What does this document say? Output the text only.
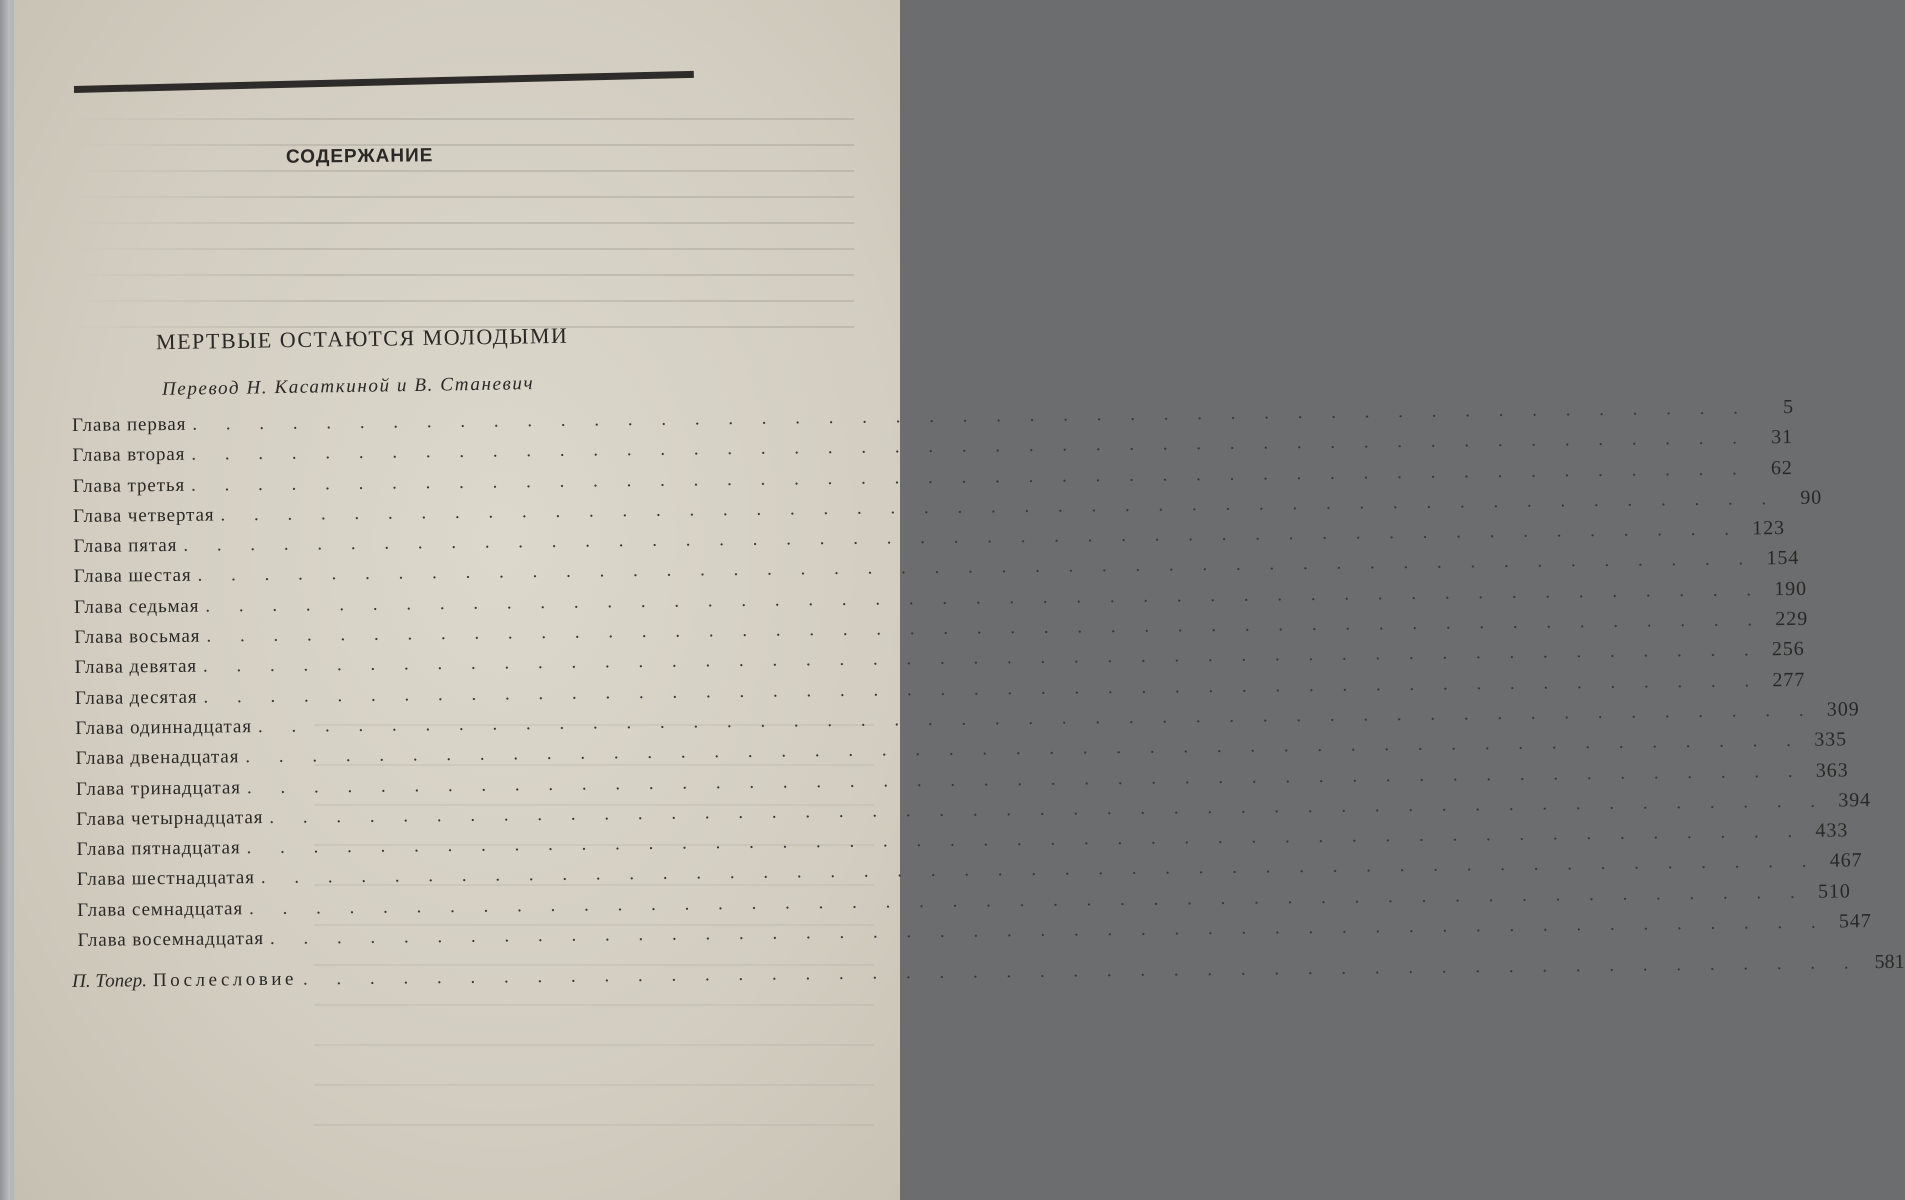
СОДЕРЖАНИЕ
МЕРТВЫЕ ОСТАЮТСЯ МОЛОДЫМИ
Перевод Н. Касаткиной и В. Станевич
Глава первая . . . . . . . . . . . . . . . . . . . . . . . . . . . . . . . . . . . . . . . . . . . . . . .	5
Глава вторая . . . . . . . . . . . . . . . . . . . . . . . . . . . . . . . . . . . . . . . . . . . . . . .	31
Глава третья . . . . . . . . . . . . . . . . . . . . . . . . . . . . . . . . . . . . . . . . . . . . . . .	62
Глава четвертая . . . . . . . . . . . . . . . . . . . . . . . . . . . . . . . . . . . . . . . . . . . . . . .	90
Глава пятая . . . . . . . . . . . . . . . . . . . . . . . . . . . . . . . . . . . . . . . . . . . . . . . 123
Глава шестая . . . . . . . . . . . . . . . . . . . . . . . . . . . . . . . . . . . . . . . . . . . . . . . 154
Глава седьмая . . . . . . . . . . . . . . . . . . . . . . . . . . . . . . . . . . . . . . . . . . . . . . . 190
Глава восьмая . . . . . . . . . . . . . . . . . . . . . . . . . . . . . . . . . . . . . . . . . . . . . . . 229
Глава девятая . . . . . . . . . . . . . . . . . . . . . . . . . . . . . . . . . . . . . . . . . . . . . . . 256
Глава десятая . . . . . . . . . . . . . . . . . . . . . . . . . . . . . . . . . . . . . . . . . . . . . . . 277
Глава одиннадцатая . . . . . . . . . . . . . . . . . . . . . . . . . . . . . . . . . . . . . . . . . . . . . . . 309
Глава двенадцатая . . . . . . . . . . . . . . . . . . . . . . . . . . . . . . . . . . . . . . . . . . . . . . . 335
Глава тринадцатая . . . . . . . . . . . . . . . . . . . . . . . . . . . . . . . . . . . . . . . . . . . . . . . 363
Глава четырнадцатая . . . . . . . . . . . . . . . . . . . . . . . . . . . . . . . . . . . . . . . . . . . . . . . 394
Глава пятнадцатая . . . . . . . . . . . . . . . . . . . . . . . . . . . . . . . . . . . . . . . . . . . . . . . 433
Глава шестнадцатая . . . . . . . . . . . . . . . . . . . . . . . . . . . . . . . . . . . . . . . . . . . . . . . 467
Глава семнадцатая . . . . . . . . . . . . . . . . . . . . . . . . . . . . . . . . . . . . . . . . . . . . . . . 510
Глава восемнадцатая . . . . . . . . . . . . . . . . . . . . . . . . . . . . . . . . . . . . . . . . . . . . . . . 547
П. Топер. Послесловие . . . . . . . . . . . . . . . . . . . . . . . . . . . . . . . . . . . . . . . . . . . . . . . 581
